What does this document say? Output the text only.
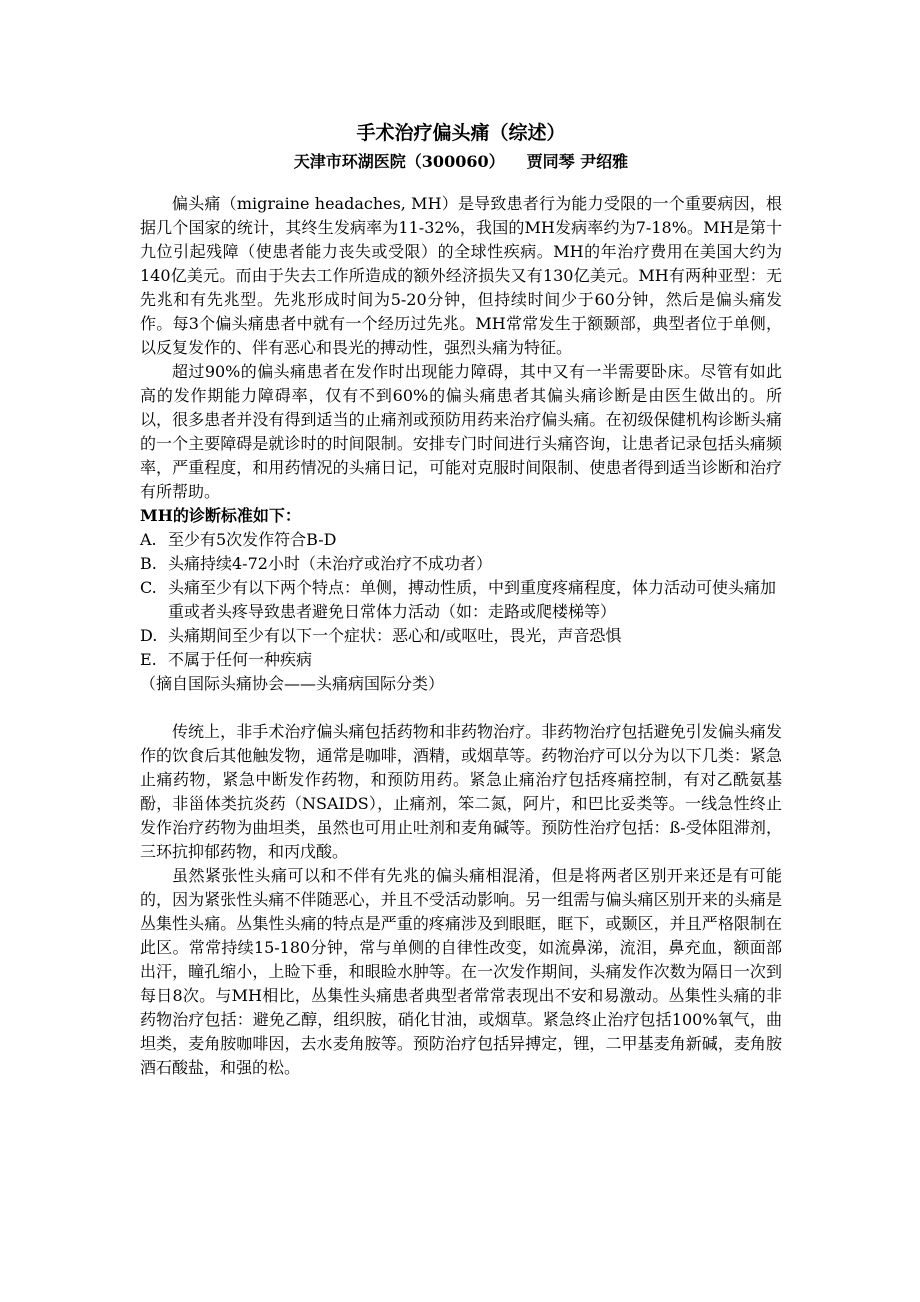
手术治疗偏头痛（综述）
天津市环湖医院（300060） 贾同琴 尹绍雅

偏头痛（migraine headaches, MH）是导致患者行为能力受限的一个重要病因，根据几个国家的统计，其终生发病率为11-32%，我国的MH发病率约为7-18%。MH是第十九位引起残障（使患者能力丧失或受限）的全球性疾病。MH的年治疗费用在美国大约为140亿美元。而由于失去工作所造成的额外经济损失又有130亿美元。MH有两种亚型：无先兆和有先兆型。先兆形成时间为5-20分钟，但持续时间少于60分钟，然后是偏头痛发作。每3个偏头痛患者中就有一个经历过先兆。MH常常发生于额颞部，典型者位于单侧，以反复发作的、伴有恶心和畏光的搏动性，强烈头痛为特征。

超过90%的偏头痛患者在发作时出现能力障碍，其中又有一半需要卧床。尽管有如此高的发作期能力障碍率，仅有不到60%的偏头痛患者其偏头痛诊断是由医生做出的。所以，很多患者并没有得到适当的止痛剂或预防用药来治疗偏头痛。在初级保健机构诊断头痛的一个主要障碍是就诊时的时间限制。安排专门时间进行头痛咨询，让患者记录包括头痛频率，严重程度，和用药情况的头痛日记，可能对克服时间限制、使患者得到适当诊断和治疗有所帮助。

MH的诊断标准如下：
A. 至少有5次发作符合B-D
B. 头痛持续4-72小时（未治疗或治疗不成功者）
C. 头痛至少有以下两个特点：单侧，搏动性质，中到重度疼痛程度，体力活动可使头痛加重或者头疼导致患者避免日常体力活动（如：走路或爬楼梯等）
D. 头痛期间至少有以下一个症状：恶心和/或呕吐，畏光，声音恐惧
E. 不属于任何一种疾病
（摘自国际头痛协会——头痛病国际分类）

传统上，非手术治疗偏头痛包括药物和非药物治疗。非药物治疗包括避免引发偏头痛发作的饮食后其他触发物，通常是咖啡，酒精，或烟草等。药物治疗可以分为以下几类：紧急止痛药物，紧急中断发作药物，和预防用药。紧急止痛治疗包括疼痛控制，有对乙酰氨基酚，非甾体类抗炎药（NSAIDS），止痛剂，笨二氮，阿片，和巴比妥类等。一线急性终止发作治疗药物为曲坦类，虽然也可用止吐剂和麦角碱等。预防性治疗包括：ß-受体阻滞剂，三环抗抑郁药物，和丙戊酸。

虽然紧张性头痛可以和不伴有先兆的偏头痛相混淆，但是将两者区别开来还是有可能的，因为紧张性头痛不伴随恶心，并且不受活动影响。另一组需与偏头痛区别开来的头痛是丛集性头痛。丛集性头痛的特点是严重的疼痛涉及到眼眶，眶下，或颞区，并且严格限制在此区。常常持续15-180分钟，常与单侧的自律性改变，如流鼻涕，流泪，鼻充血，额面部出汗，瞳孔缩小，上睑下垂，和眼睑水肿等。在一次发作期间，头痛发作次数为隔日一次到每日8次。与MH相比，丛集性头痛患者典型者常常表现出不安和易激动。丛集性头痛的非药物治疗包括：避免乙醇，组织胺，硝化甘油，或烟草。紧急终止治疗包括100%氧气，曲坦类，麦角胺咖啡因，去水麦角胺等。预防治疗包括异搏定，锂，二甲基麦角新碱，麦角胺酒石酸盐，和强的松。
